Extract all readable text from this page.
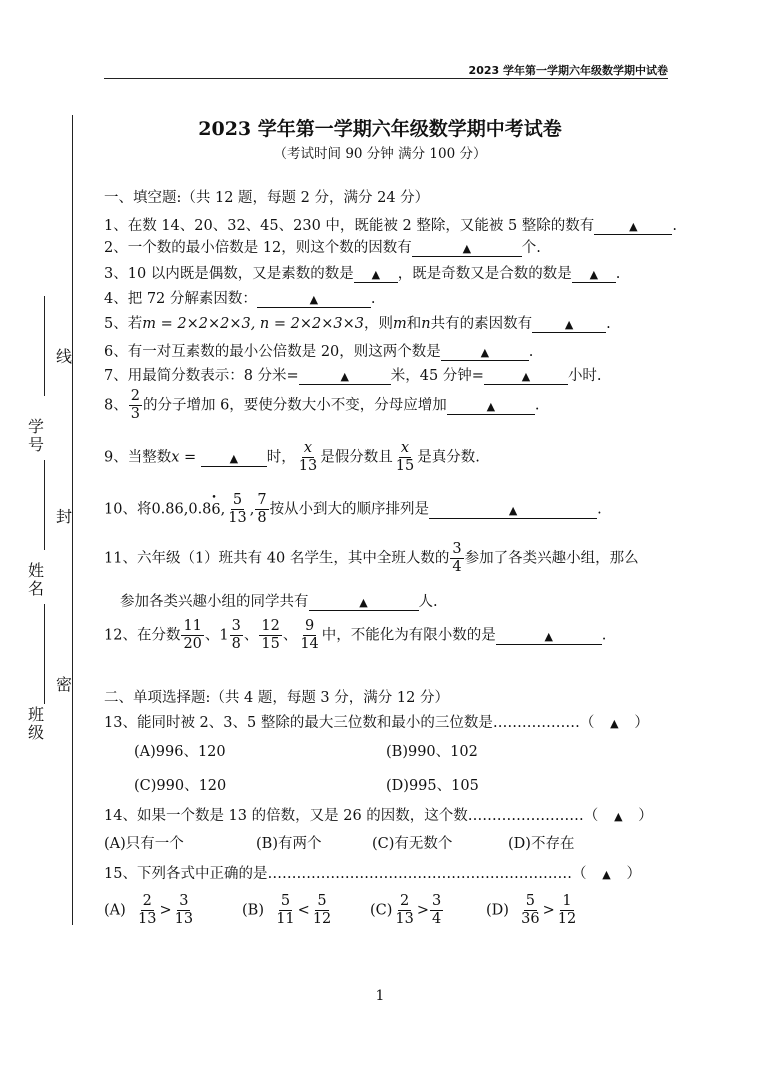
2023 学年第一学期六年级数学期中试卷
线
封
密
学号
姓名
班级
2023 学年第一学期六年级数学期中考试卷
（考试时间 90 分钟 满分 100 分）
一、填空题:（共 12 题，每题 2 分，满分 24 分）
1、在数 14、20、32、45、230 中，既能被 2 整除，又能被 5 整除的数有	▲ .
2、一个数的最小倍数是 12，则这个数的因数有	▲	个.
3、10 以内既是偶数，又是素数的数是 ▲ ，既是奇数又是合数的数是 ▲ .
4、把 72 分解素因数：	▲	.
5、若m = 2×2×2×3, n = 2×2×3×3，则m和n共有的素因数有	▲ .
6、有一对互素数的最小公倍数是 20，则这两个数是	▲	.
7、用最简分数表示：8 分米=	▲	米，45 分钟=	▲	小时.
8、 $\frac{2}{3}$ 的分子增加 6，要使分数大小不变，分母应增加	▲	.
9、当整数x =	▲ 时， $\frac{x}{13}$ 是假分数且 $\frac{x}{15}$ 是真分数.
10、将0.86,0.8• 6, $\frac{5}{13}$ , $\frac{7}{8}$ 按从小到大的顺序排列是	▲	.
11、六年级（1）班共有 40 名学生，其中全班人数的 $\frac{3}{4}$ 参加了各类兴趣小组，那么
参加各类兴趣小组的同学共有	▲	人.
12、在分数 $\frac{11}{20}$ 、$1 \frac{3}{8}$ 、 $\frac{12}{15}$ 、 $\frac{9}{14}$ 中，不能化为有限小数的是	▲	.
二、单项选择题:（共 4 题，每题 3 分，满分 12 分）
13、能同时被 2、3、5 整除的最大三位数和最小的三位数是………………（ ▲ ）
(A)996、120	(B)990、102
(C)990、120	(D)995、105
14、如果一个数是 13 的倍数，又是 26 的因数，这个数……………………（ ▲ ）
(A)只有一个	(B)有两个	(C)有无数个	(D)不存在
15、下列各式中正确的是………………………………………………………（ ▲ ）
$(A) \frac{2}{13} > \frac{3}{13}$	$(B) \frac{5}{11} < \frac{5}{12}$	$(C) \frac{2}{13} > \frac{3}{4}$	$(D) \frac{5}{36} > \frac{1}{12}$
1
